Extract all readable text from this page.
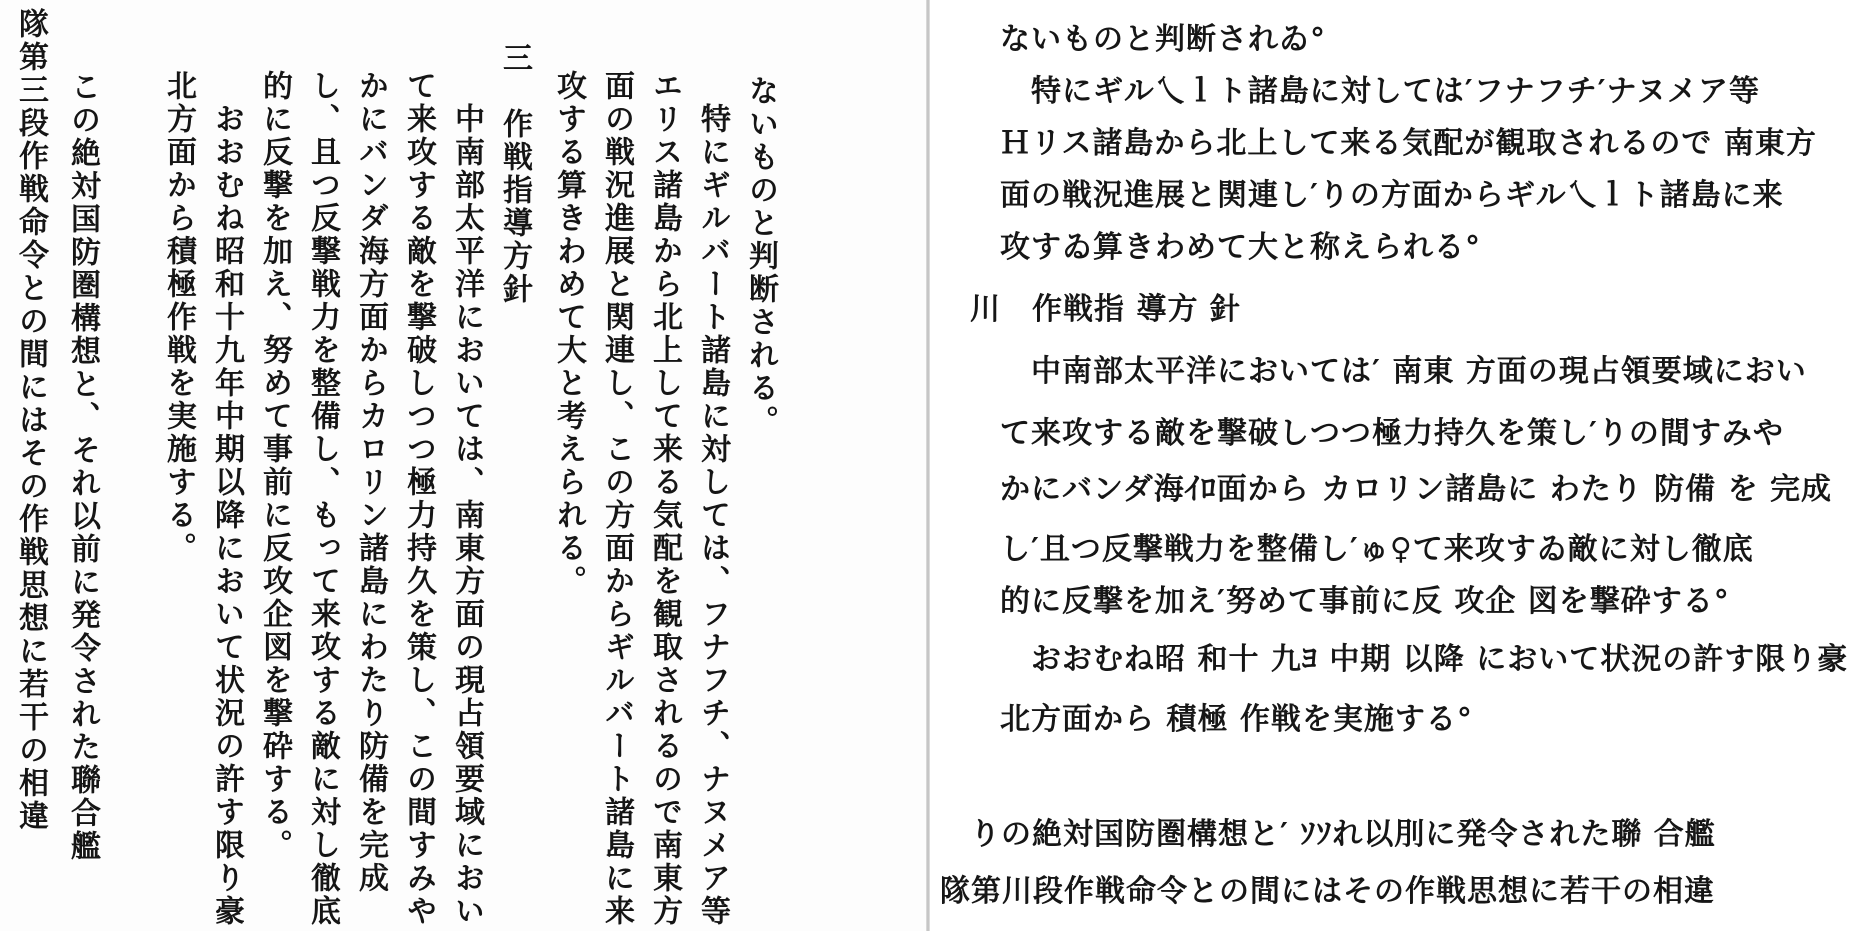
ないものと判断される。
　特にギルバート諸島に対しては、フナフチ、ナヌメア等
エリス諸島から北上して来る気配を観取されるので南東方
面の戦況進展と関連し、この方面からギルバート諸島に来
攻する算きわめて大と考えられる。
三　作戦指導方針
　中南部太平洋においては、南東方面の現占領要域におい
て来攻する敵を撃破しつつ極力持久を策し、この間すみや
かにバンダ海方面からカロリン諸島にわたり防備を完成
し、且つ反撃戦力を整備し、もって来攻する敵に対し徹底
的に反撃を加え、努めて事前に反攻企図を撃砕する。
　おおむね昭和十九年中期以降において状況の許す限り豪
北方面から積極作戦を実施する。
　この絶対国防圏構想と、それ以前に発令された聯合艦
隊第三段作戦命令との間にはその作戦思想に若干の相違	ないものと判断されゐ°
　特にギル乀ｌト諸島に対しては′フナフチ′ナヌメア等
Ｈリス諸島から北上して来る気配が観取されるので 南東方
面の戦況進展と関連し′りの方面からギル乀ｌト諸島に来
攻すゐ算きわめて大と称えられる°
川　作戦指 導方 針
　中南部太平洋においては′ 南東 方面の現占領要域におい
て来攻する敵を撃破しつつ極力持久を策し′りの間すみや
かにバンダ海ｲﾛ面から カロリン諸島に わたり 防備 を 完成
し′且つ反撃戦力を整備し′ゅ♀て来攻すゐ敵に対し徹底
的に反撃を加え′努めて事前に反 攻企 図を撃砕する°
　おおむね昭 和十 九ﾖ 中期 以降 において状況の許す限り豪
北方面から 積極 作戦を実施する°
りの絶対国防圏構想と′ ｿｿれ以刖に発令された聯 合艦
隊第川段作戦命令との間にはその作戦思想に若干の相違
